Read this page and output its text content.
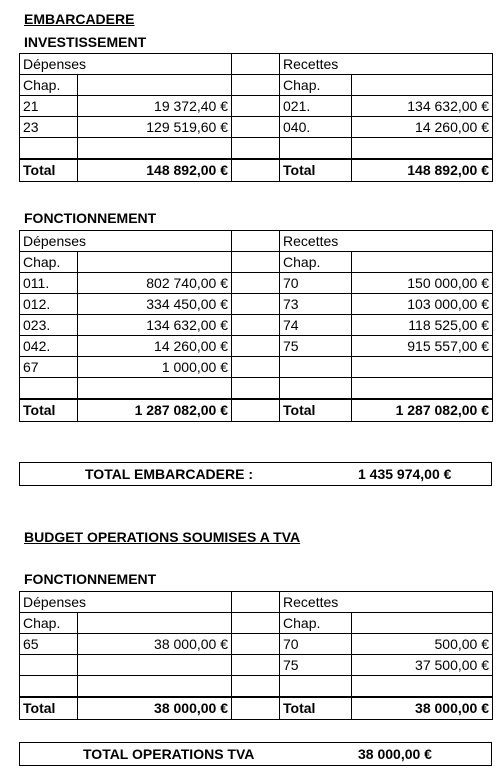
EMBARCADERE
INVESTISSEMENT
Dépenses			Recettes	
Chap.			Chap.	
21	19 372,40 €		021.	134 632,00 €
23	129 519,60 €		040.	14 260,00 €

Total	148 892,00 €		Total	148 892,00 €
FONCTIONNEMENT
Dépenses			Recettes	
Chap.			Chap.	
011.	802 740,00 €		70	150 000,00 €
012.	334 450,00 €		73	103 000,00 €
023.	134 632,00 €		74	118 525,00 €
042.	14 260,00 €		75	915 557,00 €
67	1 000,00 €			

Total	1 287 082,00 €		Total	1 287 082,00 €
TOTAL EMBARCADERE :	1 435 974,00 €
BUDGET OPERATIONS SOUMISES A TVA
FONCTIONNEMENT
Dépenses			Recettes	
Chap.			Chap.	
65	38 000,00 €		70	500,00 €
			75	37 500,00 €

Total	38 000,00 €		Total	38 000,00 €
TOTAL OPERATIONS TVA	38 000,00 €
